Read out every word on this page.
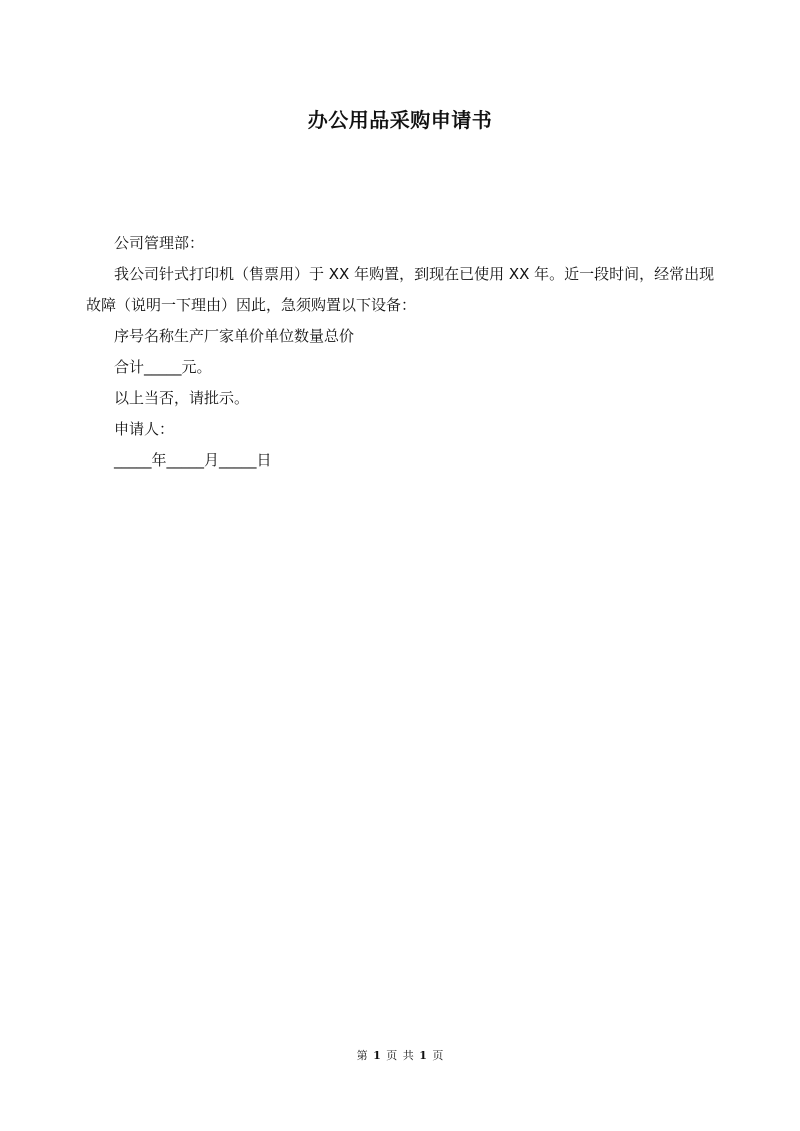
办公用品采购申请书

公司管理部：

我公司针式打印机（售票用）于 XX 年购置，到现在已使用 XX 年。近一段时间，经常出现故障（说明一下理由）因此，急须购置以下设备：

序号名称生产厂家单价单位数量总价

合计_____元。

以上当否，请批示。

申请人：

_____年_____月_____日

第 1 页 共 1 页
